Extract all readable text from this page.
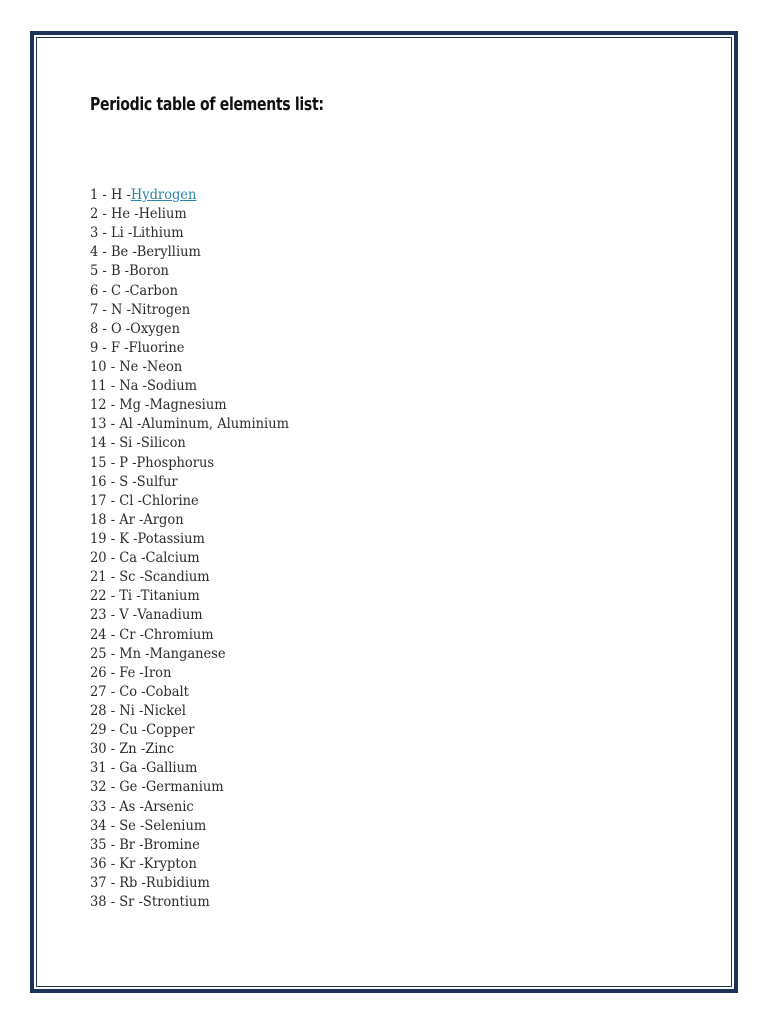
Periodic table of elements list:
1 - H -Hydrogen
2 - He -Helium
3 - Li -Lithium
4 - Be -Beryllium
5 - B -Boron
6 - C -Carbon
7 - N -Nitrogen
8 - O -Oxygen
9 - F -Fluorine
10 - Ne -Neon
11 - Na -Sodium
12 - Mg -Magnesium
13 - Al -Aluminum, Aluminium
14 - Si -Silicon
15 - P -Phosphorus
16 - S -Sulfur
17 - Cl -Chlorine
18 - Ar -Argon
19 - K -Potassium
20 - Ca -Calcium
21 - Sc -Scandium
22 - Ti -Titanium
23 - V -Vanadium
24 - Cr -Chromium
25 - Mn -Manganese
26 - Fe -Iron
27 - Co -Cobalt
28 - Ni -Nickel
29 - Cu -Copper
30 - Zn -Zinc
31 - Ga -Gallium
32 - Ge -Germanium
33 - As -Arsenic
34 - Se -Selenium
35 - Br -Bromine
36 - Kr -Krypton
37 - Rb -Rubidium
38 - Sr -Strontium
